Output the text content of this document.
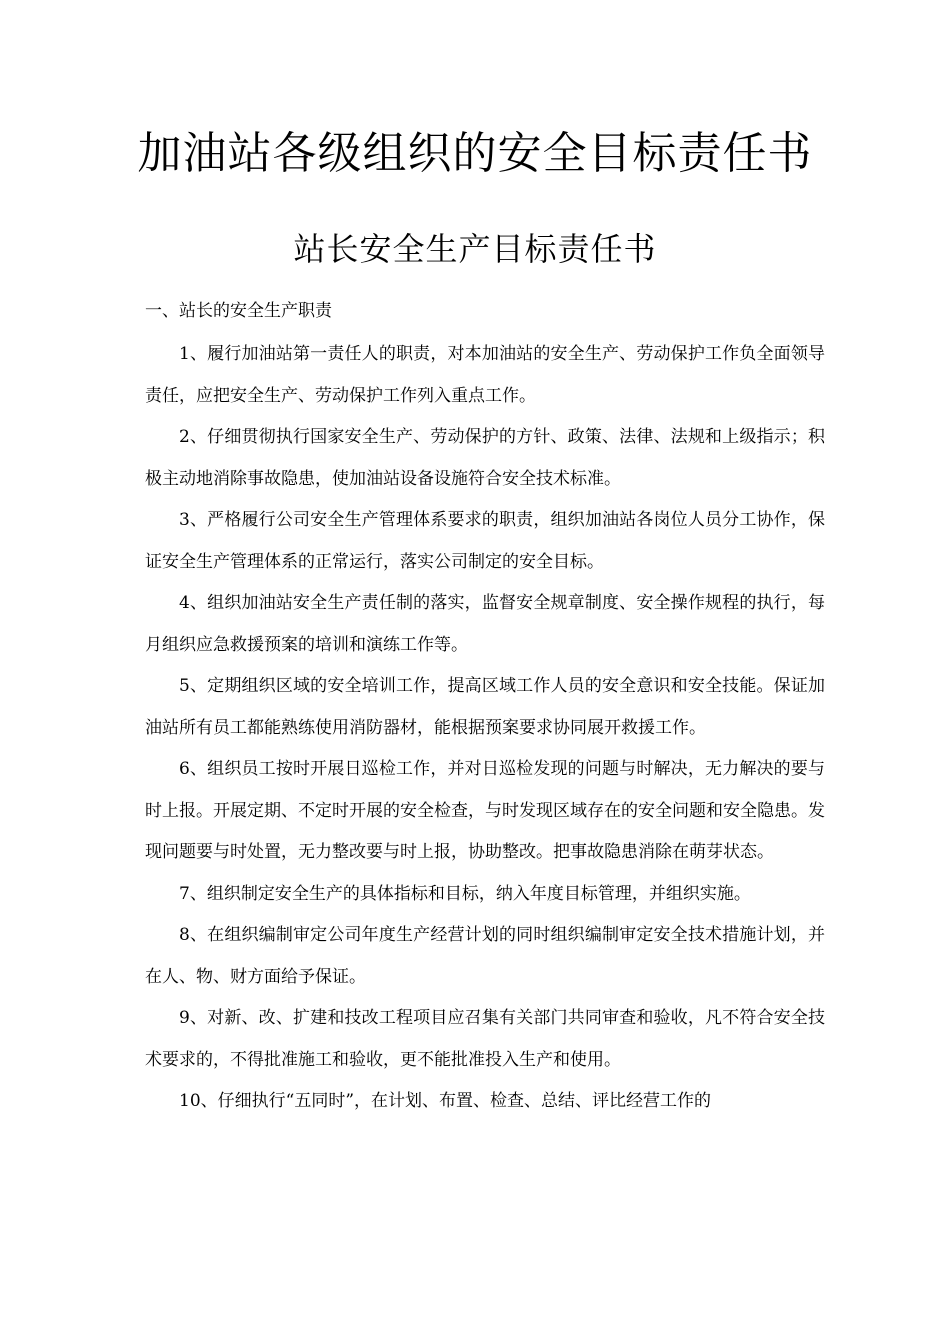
加油站各级组织的安全目标责任书
站长安全生产目标责任书
一、站长的安全生产职责

1、履行加油站第一责任人的职责，对本加油站的安全生产、劳动保护工作负全面领导责任，应把安全生产、劳动保护工作列入重点工作。

2、仔细贯彻执行国家安全生产、劳动保护的方针、政策、法律、法规和上级指示；积极主动地消除事故隐患，使加油站设备设施符合安全技术标准。

3、严格履行公司安全生产管理体系要求的职责，组织加油站各岗位人员分工协作，保证安全生产管理体系的正常运行，落实公司制定的安全目标。

4、组织加油站安全生产责任制的落实，监督安全规章制度、安全操作规程的执行，每月组织应急救援预案的培训和演练工作等。

5、定期组织区域的安全培训工作，提高区域工作人员的安全意识和安全技能。保证加油站所有员工都能熟练使用消防器材，能根据预案要求协同展开救援工作。

6、组织员工按时开展日巡检工作，并对日巡检发现的问题与时解决，无力解决的要与时上报。开展定期、不定时开展的安全检查，与时发现区域存在的安全问题和安全隐患。发现问题要与时处置，无力整改要与时上报，协助整改。把事故隐患消除在萌芽状态。

7、组织制定安全生产的具体指标和目标，纳入年度目标管理，并组织实施。

8、在组织编制审定公司年度生产经营计划的同时组织编制审定安全技术措施计划，并在人、物、财方面给予保证。

9、对新、改、扩建和技改工程项目应召集有关部门共同审查和验收，凡不符合安全技术要求的，不得批准施工和验收，更不能批准投入生产和使用。

10、仔细执行“五同时”，在计划、布置、检查、总结、评比经营工作的
